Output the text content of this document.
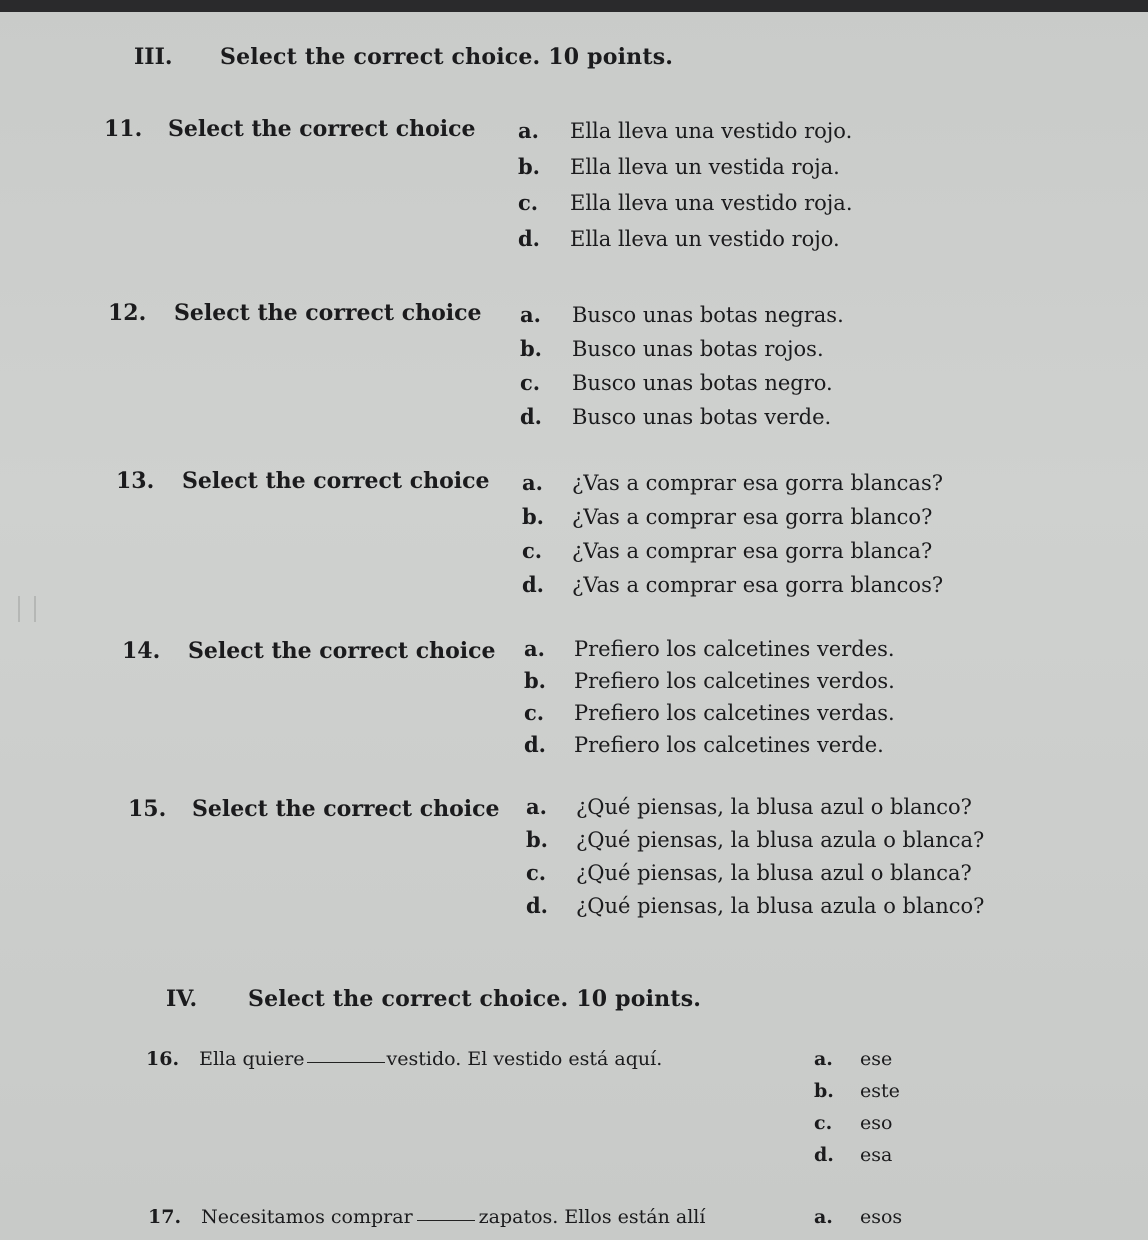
III. Select the correct choice. 10 points.
11. Select the correct choice a. Ella lleva una vestido rojo.
b. Ella lleva un vestida roja.
c. Ella lleva una vestido roja.
d. Ella lleva un vestido rojo.
12. Select the correct choice a. Busco unas botas negras.
b. Busco unas botas rojos.
c. Busco unas botas negro.
d. Busco unas botas verde.
13. Select the correct choice a. ¿Vas a comprar esa gorra blancas?
b. ¿Vas a comprar esa gorra blanco?
c. ¿Vas a comprar esa gorra blanca?
d. ¿Vas a comprar esa gorra blancos?
14. Select the correct choice a. Prefiero los calcetines verdes.
b. Prefiero los calcetines verdos.
c. Prefiero los calcetines verdas.
d. Prefiero los calcetines verde.
15. Select the correct choice a. ¿Qué piensas, la blusa azul o blanco?
b. ¿Qué piensas, la blusa azula o blanca?
c. ¿Qué piensas, la blusa azul o blanca?
d. ¿Qué piensas, la blusa azula o blanco?
IV. Select the correct choice. 10 points.
16. Ella quiere	vestido. El vestido está aquí.	a. ese
b. este
c. eso
d. esa
17. Necesitamos comprar	zapatos. Ellos están allí	a. esos
